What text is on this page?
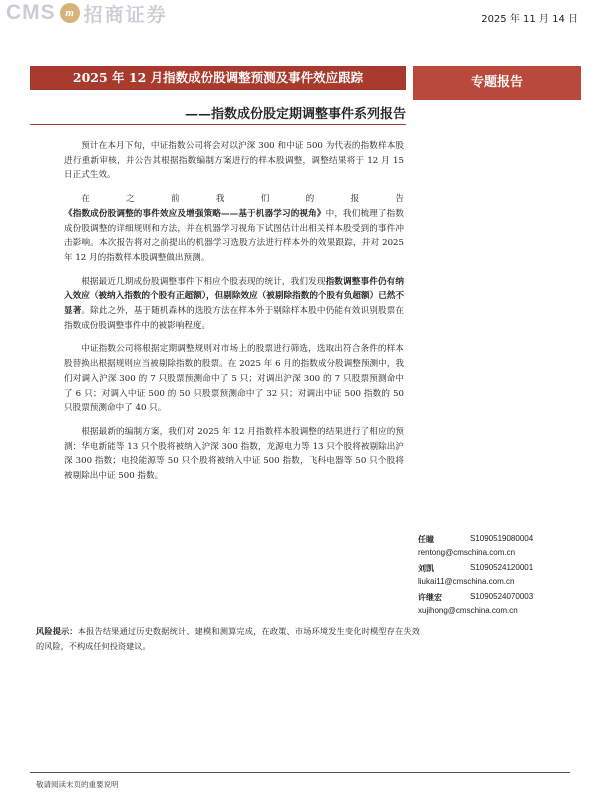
CMS m 招商证券	2025 年 11 月 14 日
2025 年 12 月指数成份股调整预测及事件效应跟踪
——指数成份股定期调整事件系列报告
专题报告

预计在本月下旬，中证指数公司将会对以沪深 300 和中证 500 为代表的指数样本股进行重新审核，并公告其根据指数编制方案进行的样本股调整，调整结果将于 12 月 15 日正式生效。

在之前我们的报告《指数成份股调整的事件效应及增强策略——基于机器学习的视角》中，我们梳理了指数成份股调整的详细规则和方法，并在机器学习视角下试图估计出相关样本股受到的事件冲击影响。本次报告将对之前提出的机器学习选股方法进行样本外的效果跟踪，并对 2025 年 12 月的指数样本股调整做出预测。

根据最近几期成份股调整事件下相应个股表现的统计，我们发现指数调整事件仍有纳入效应（被纳入指数的个股有正超额），但剔除效应（被剔除指数的个股有负超额）已然不显著。除此之外，基于随机森林的选股方法在样本外于剔除样本股中仍能有效识别股票在指数成份股调整事件中的被影响程度。

中证指数公司将根据定期调整规则对市场上的股票进行筛选，选取出符合条件的样本股替换出根据规则应当被剔除指数的股票。在 2025 年 6 月的指数成分股调整预测中，我们对调入沪深 300 的 7 只股票预测命中了 5 只；对调出沪深 300 的 7 只股票预测命中了 6 只；对调入中证 500 的 50 只股票预测命中了 32 只；对调出中证 500 指数的 50 只股票预测命中了 40 只。

根据最新的编制方案，我们对 2025 年 12 月指数样本股调整的结果进行了相应的预测：华电新能等 13 只个股将被纳入沪深 300 指数，龙源电力等 13 只个股将被剔除出沪深 300 指数；电投能源等 50 只个股将被纳入中证 500 指数，飞科电器等 50 只个股将被剔除出中证 500 指数。

任瞳	S1090519080004
rentong@cmschina.com.cn
刘凯	S1090524120001
liukai11@cmschina.com.cn
许继宏	S1090524070003
xujihong@cmschina.com.cn
风险提示：本报告结果通过历史数据统计、建模和测算完成，在政策、市场环境发生变化时模型存在失效的风险，不构成任何投资建议。
敬请阅读末页的重要说明
